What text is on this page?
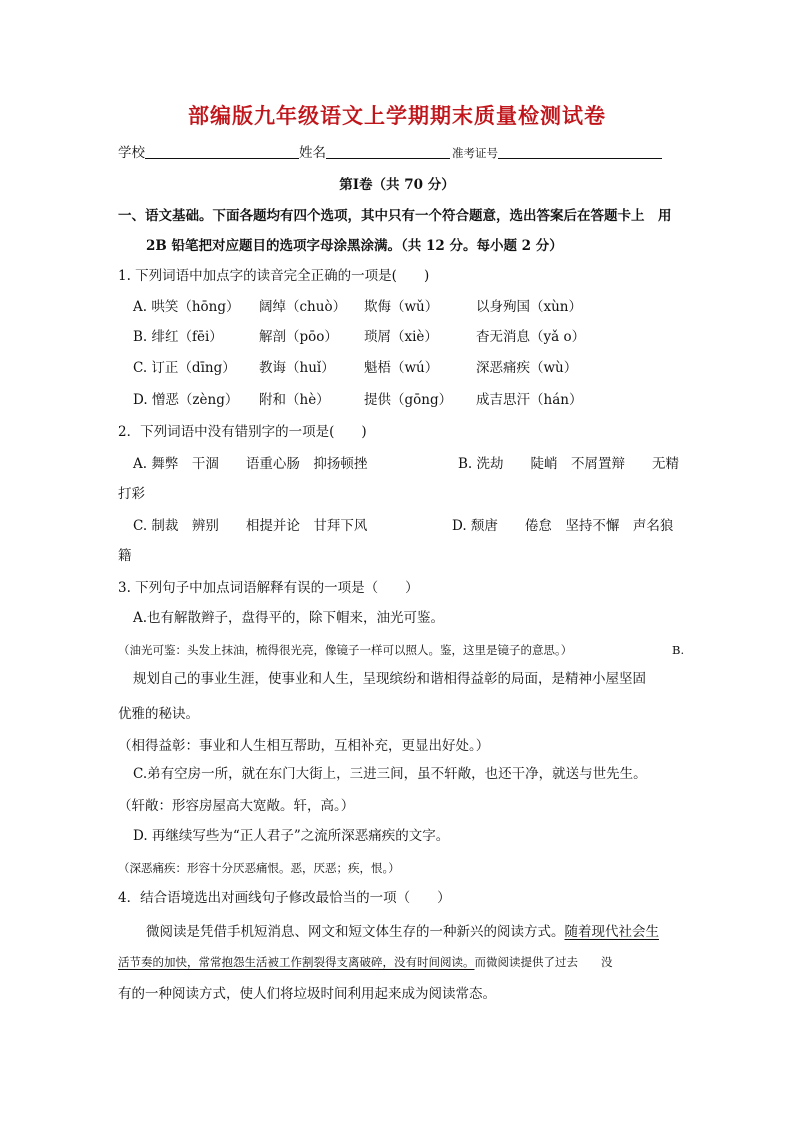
部编版九年级语文上学期期末质量检测试卷
学校	姓名	准考证号
第Ⅰ卷（共 70 分）
一、语文基础。下面各题均有四个选项，其中只有一个符合题意，选出答案后在答题卡上　用
2B 铅笔把对应题目的选项字母涂黑涂满。（共 12 分。每小题 2 分）
1. 下列词语中加点字的读音完全正确的一项是(　　)
A. 哄笑（hōng） 阔绰（chuò） 欺侮（wǔ）	以身殉国（xùn）
B. 绯红（fēi）	解剖（pōo） 琐屑（xiè）	杳无消息（yǎ o）
C. 订正（dīng） 教诲（huǐ） 魁梧（wú）	深恶痛疾（wù）
D. 憎恶（zèng） 附和（hè）	提供（gōng） 成吉思汗（hán）
2．下列词语中没有错别字的一项是(　　)
A. 舞弊　干涸　　语重心肠　抑扬顿挫	B. 洗劫　　陡峭　不屑置辩　　无精
打彩
C. 制裁　辨别　　相提并论　甘拜下风	D. 颓唐　　倦怠　坚持不懈　声名狼
籍
3. 下列句子中加点词语解释有误的一项是（　　）
A.也有解散辫子，盘得平的，除下帽来，油光可鉴。
（油光可鉴：头发上抹油，梳得很光亮，像镜子一样可以照人。鉴，这里是镜子的意思。）	B.
规划自己的事业生涯，使事业和人生，呈现缤纷和谐相得益彰的局面，是精神小屋坚固
优雅的秘诀。
（相得益彰：事业和人生相互帮助，互相补充，更显出好处。）
C.弟有空房一所，就在东门大街上，三进三间，虽不轩敞，也还干净，就送与世先生。
（轩敞：形容房屋高大宽敞。轩，高。）
D. 再继续写些为“正人君子”之流所深恶痛疾的文字。
（深恶痛疾：形容十分厌恶痛恨。恶，厌恶；疾，恨。）
4．结合语境选出对画线句子修改最恰当的一项（　　）
微阅读是凭借手机短消息、网文和短文体生存的一种新兴的阅读方式。随着现代社会生
活节奏的加快，常常抱怨生活被工作割裂得支离破碎，没有时间阅读。而微阅读提供了过去　　没
有的一种阅读方式，使人们将垃圾时间利用起来成为阅读常态。
